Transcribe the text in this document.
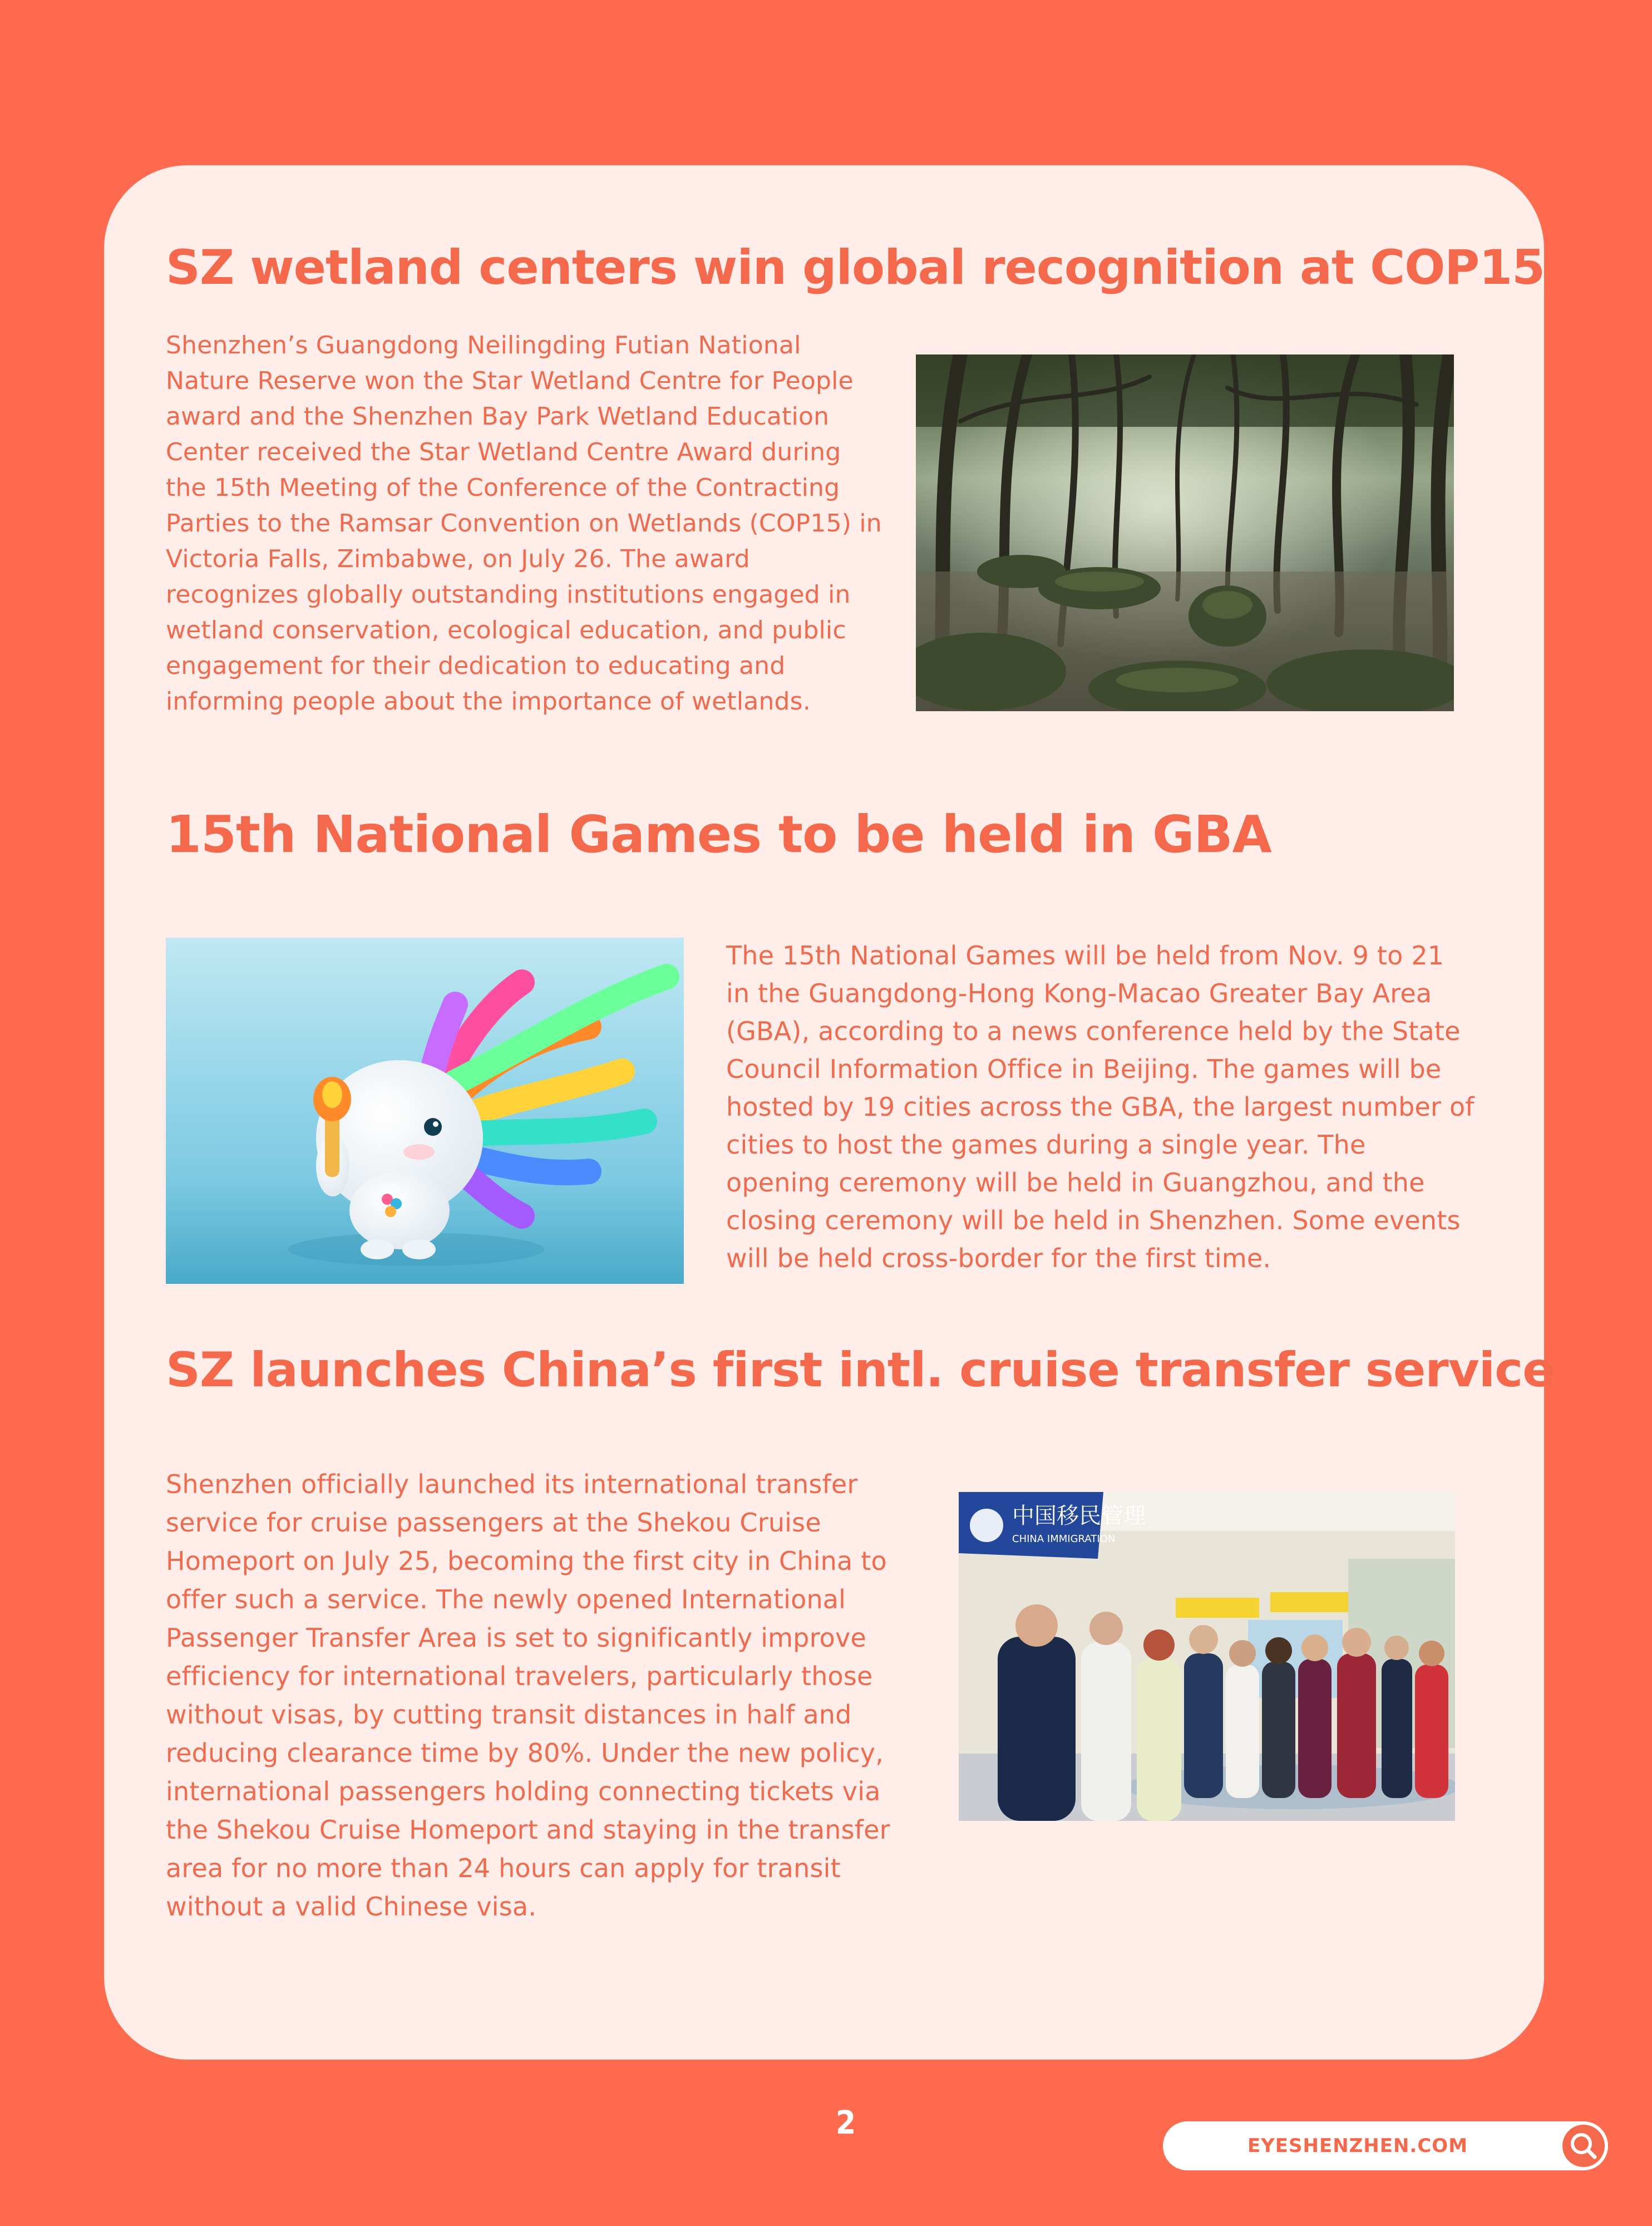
SZ wetland centers win global recognition at COP15

Shenzhen’s Guangdong Neilingding Futian National Nature Reserve won the Star Wetland Centre for People award and the Shenzhen Bay Park Wetland Education Center received the Star Wetland Centre Award during the 15th Meeting of the Conference of the Contracting Parties to the Ramsar Convention on Wetlands (COP15) in Victoria Falls, Zimbabwe, on July 26. The award recognizes globally outstanding institutions engaged in wetland conservation, ecological education, and public engagement for their dedication to educating and informing people about the importance of wetlands.

15th National Games to be held in GBA

The 15th National Games will be held from Nov. 9 to 21 in the Guangdong-Hong Kong-Macao Greater Bay Area (GBA), according to a news conference held by the State Council Information Office in Beijing. The games will be hosted by 19 cities across the GBA, the largest number of cities to host the games during a single year. The opening ceremony will be held in Guangzhou, and the closing ceremony will be held in Shenzhen. Some events will be held cross-border for the first time.

SZ launches China’s first intl. cruise transfer service

Shenzhen officially launched its international transfer service for cruise passengers at the Shekou Cruise Homeport on July 25, becoming the first city in China to offer such a service. The newly opened International Passenger Transfer Area is set to significantly improve efficiency for international travelers, particularly those without visas, by cutting transit distances in half and reducing clearance time by 80%. Under the new policy, international passengers holding connecting tickets via the Shekou Cruise Homeport and staying in the transfer area for no more than 24 hours can apply for transit without a valid Chinese visa.

中国移民管理
CHINA IMMIGRATION
2
EYESHENZHEN.COM
